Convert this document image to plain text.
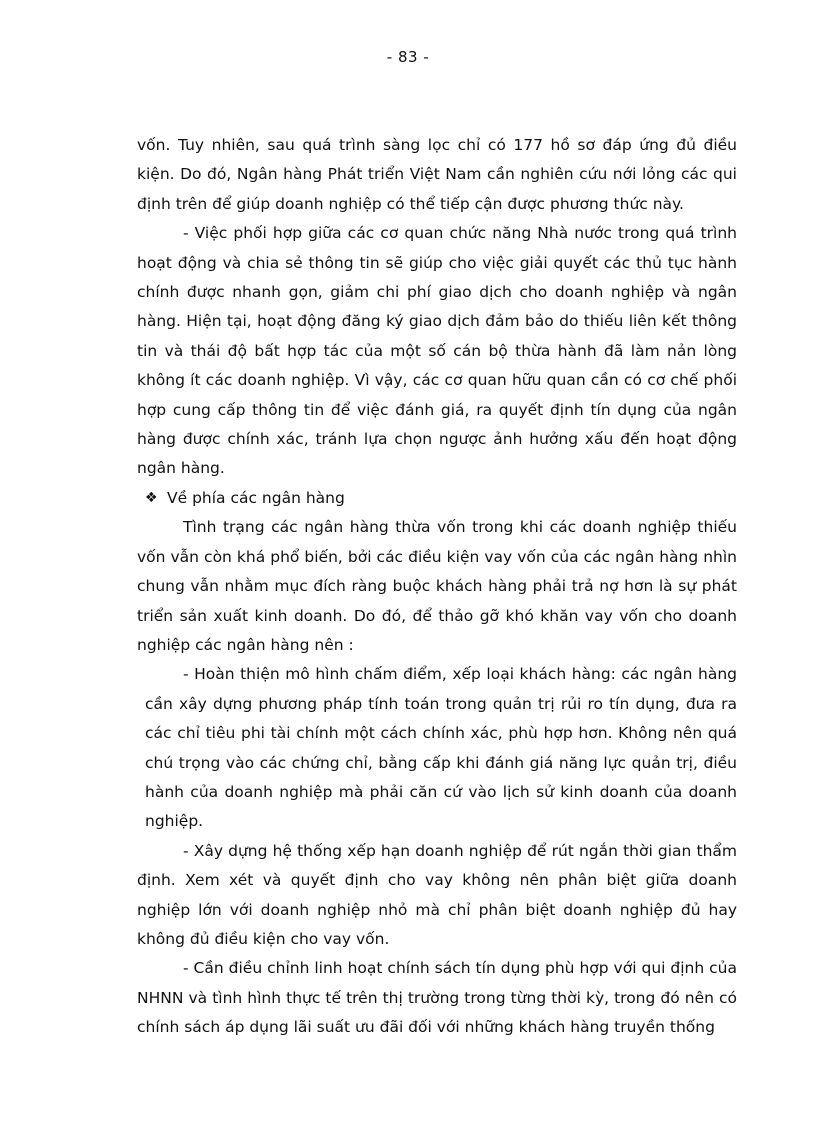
- 83 -

vốn. Tuy nhiên, sau quá trình sàng lọc chỉ có 177 hồ sơ đáp ứng đủ điều kiện. Do đó, Ngân hàng Phát triển Việt Nam cần nghiên cứu nới lỏng các qui định trên để giúp doanh nghiệp có thể tiếp cận được phương thức này.

- Việc phối hợp giữa các cơ quan chức năng Nhà nước trong quá trình hoạt động và chia sẻ thông tin sẽ giúp cho việc giải quyết các thủ tục hành chính được nhanh gọn, giảm chi phí giao dịch cho doanh nghiệp và ngân hàng. Hiện tại, hoạt động đăng ký giao dịch đảm bảo do thiếu liên kết thông tin và thái độ bất hợp tác của một số cán bộ thừa hành đã làm nản lòng không ít các doanh nghiệp. Vì vậy, các cơ quan hữu quan cần có cơ chế phối hợp cung cấp thông tin để việc đánh giá, ra quyết định tín dụng của ngân hàng được chính xác, tránh lựa chọn ngược ảnh hưởng xấu đến hoạt động ngân hàng.

❖ Về phía các ngân hàng

Tình trạng các ngân hàng thừa vốn trong khi các doanh nghiệp thiếu vốn vẫn còn khá phổ biến, bởi các điều kiện vay vốn của các ngân hàng nhìn chung vẫn nhằm mục đích ràng buộc khách hàng phải trả nợ hơn là sự phát triển sản xuất kinh doanh. Do đó, để thảo gỡ khó khăn vay vốn cho doanh nghiệp các ngân hàng nên :

- Hoàn thiện mô hình chấm điểm, xếp loại khách hàng: các ngân hàng cần xây dựng phương pháp tính toán trong quản trị rủi ro tín dụng, đưa ra các chỉ tiêu phi tài chính một cách chính xác, phù hợp hơn. Không nên quá chú trọng vào các chứng chỉ, bằng cấp khi đánh giá năng lực quản trị, điều hành của doanh nghiệp mà phải căn cứ vào lịch sử kinh doanh của doanh nghiệp.

- Xây dựng hệ thống xếp hạn doanh nghiệp để rút ngắn thời gian thẩm định. Xem xét và quyết định cho vay không nên phân biệt giữa doanh nghiệp lớn với doanh nghiệp nhỏ mà chỉ phân biệt doanh nghiệp đủ hay không đủ điều kiện cho vay vốn.

- Cần điều chỉnh linh hoạt chính sách tín dụng phù hợp với qui định của NHNN và tình hình thực tế trên thị trường trong từng thời kỳ, trong đó nên có chính sách áp dụng lãi suất ưu đãi đối với những khách hàng truyền thống
